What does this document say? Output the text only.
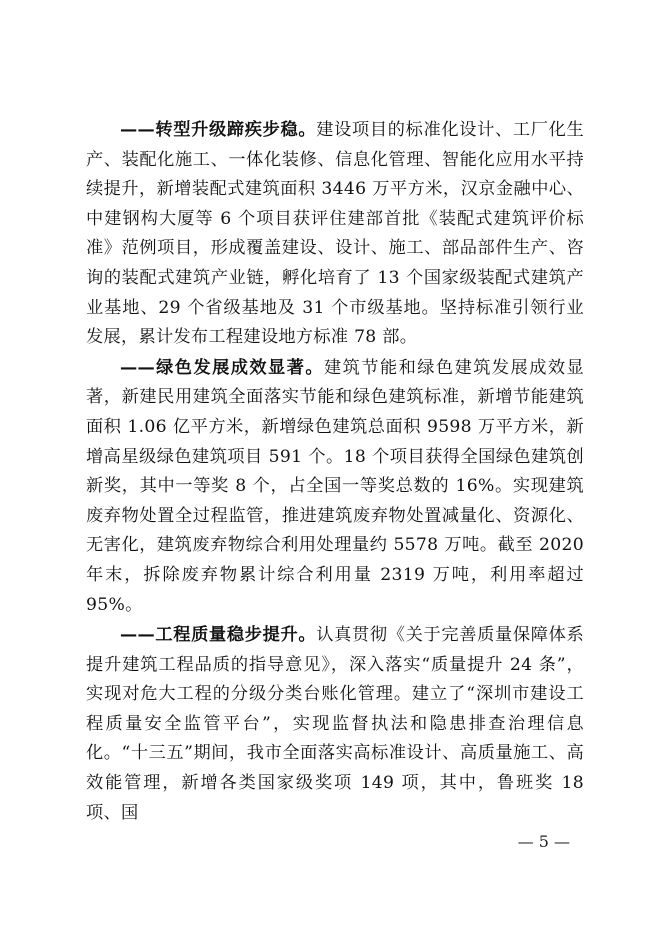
——转型升级蹄疾步稳。建设项目的标准化设计、工厂化生产、装配化施工、一体化装修、信息化管理、智能化应用水平持续提升，新增装配式建筑面积 3446 万平方米，汉京金融中心、中建钢构大厦等 6 个项目获评住建部首批《装配式建筑评价标准》范例项目，形成覆盖建设、设计、施工、部品部件生产、咨询的装配式建筑产业链，孵化培育了 13 个国家级装配式建筑产业基地、29 个省级基地及 31 个市级基地。坚持标准引领行业发展，累计发布工程建设地方标准 78 部。

——绿色发展成效显著。建筑节能和绿色建筑发展成效显著，新建民用建筑全面落实节能和绿色建筑标准，新增节能建筑面积 1.06 亿平方米，新增绿色建筑总面积 9598 万平方米，新增高星级绿色建筑项目 591 个。18 个项目获得全国绿色建筑创新奖，其中一等奖 8 个，占全国一等奖总数的 16%。实现建筑废弃物处置全过程监管，推进建筑废弃物处置减量化、资源化、无害化，建筑废弃物综合利用处理量约 5578 万吨。截至 2020 年末，拆除废弃物累计综合利用量 2319 万吨，利用率超过 95%。

——工程质量稳步提升。认真贯彻《关于完善质量保障体系提升建筑工程品质的指导意见》，深入落实“质量提升 24 条”，实现对危大工程的分级分类台账化管理。建立了“深圳市建设工程质量安全监管平台”，实现监督执法和隐患排查治理信息化。“十三五”期间，我市全面落实高标准设计、高质量施工、高效能管理，新增各类国家级奖项 149 项，其中，鲁班奖 18 项、国

— 5 —
